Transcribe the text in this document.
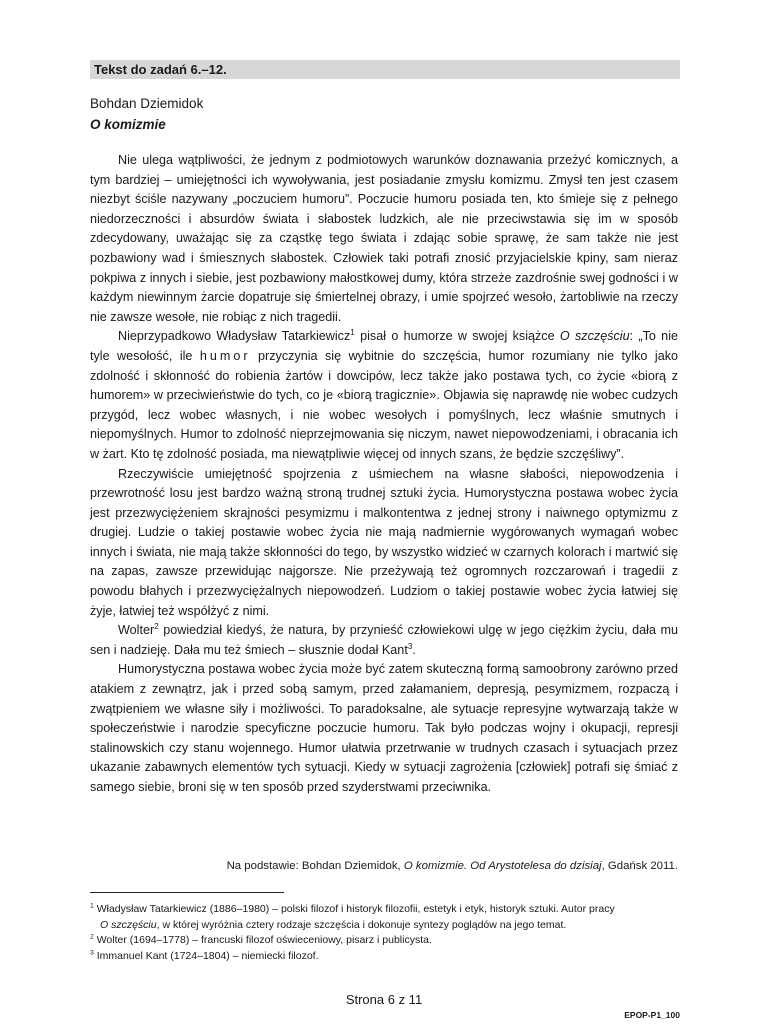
Tekst do zadań 6.–12.
Bohdan Dziemidok
O komizmie

Nie ulega wątpliwości, że jednym z podmiotowych warunków doznawania przeżyć komicznych, a tym bardziej – umiejętności ich wywoływania, jest posiadanie zmysłu komizmu. Zmysł ten jest czasem niezbyt ściśle nazywany „poczuciem humoru”. Poczucie humoru posiada ten, kto śmieje się z pełnego niedorzeczności i absurdów świata i słabostek ludzkich, ale nie przeciwstawia się im w sposób zdecydowany, uważając się za cząstkę tego świata i zdając sobie sprawę, że sam także nie jest pozbawiony wad i śmiesznych słabostek. Człowiek taki potrafi znosić przyjacielskie kpiny, sam nieraz pokpiwa z innych i siebie, jest pozbawiony małostkowej dumy, która strzeże zazdrośnie swej godności i w każdym niewinnym żarcie dopatruje się śmiertelnej obrazy, i umie spojrzeć wesoło, żartobliwie na rzeczy nie zawsze wesołe, nie robiąc z nich tragedii.

Nieprzypadkowo Władysław Tatarkiewicz$^1$ pisał o humorze w swojej książce O szczęściu: „To nie tyle wesołość, ile humor przyczynia się wybitnie do szczęścia, humor rozumiany nie tylko jako zdolność i skłonność do robienia żartów i dowcipów, lecz także jako postawa tych, co życie «biorą z humorem» w przeciwieństwie do tych, co je «biorą tragicznie». Objawia się naprawdę nie wobec cudzych przygód, lecz wobec własnych, i nie wobec wesołych i pomyślnych, lecz właśnie smutnych i niepomyślnych. Humor to zdolność nieprzejmowania się niczym, nawet niepowodzeniami, i obracania ich w żart. Kto tę zdolność posiada, ma niewątpliwie więcej od innych szans, że będzie szczęśliwy”.

Rzeczywiście umiejętność spojrzenia z uśmiechem na własne słabości, niepowodzenia i przewrotność losu jest bardzo ważną stroną trudnej sztuki życia. Humorystyczna postawa wobec życia jest przezwyciężeniem skrajności pesymizmu i malkontentwa z jednej strony i naiwnego optymizmu z drugiej. Ludzie o takiej postawie wobec życia nie mają nadmiernie wygórowanych wymagań wobec innych i świata, nie mają także skłonności do tego, by wszystko widzieć w czarnych kolorach i martwić się na zapas, zawsze przewidując najgorsze. Nie przeżywają też ogromnych rozczarowań i tragedii z powodu błahych i przezwyciężalnych niepowodzeń. Ludziom o takiej postawie wobec życia łatwiej się żyje, łatwiej też współżyć z nimi.

Wolter$^2$ powiedział kiedyś, że natura, by przynieść człowiekowi ulgę w jego ciężkim życiu, dała mu sen i nadzieję. Dała mu też śmiech – słusznie dodał Kant$^3$.

Humorystyczna postawa wobec życia może być zatem skuteczną formą samoobrony zarówno przed atakiem z zewnątrz, jak i przed sobą samym, przed załamaniem, depresją, pesymizmem, rozpaczą i zwątpieniem we własne siły i możliwości. To paradoksalne, ale sytuacje represyjne wytwarzają także w społeczeństwie i narodzie specyficzne poczucie humoru. Tak było podczas wojny i okupacji, represji stalinowskich czy stanu wojennego. Humor ułatwia przetrwanie w trudnych czasach i sytuacjach przez ukazanie zabawnych elementów tych sytuacji. Kiedy w sytuacji zagrożenia [człowiek] potrafi się śmiać z samego siebie, broni się w ten sposób przed szyderstwami przeciwnika.

Na podstawie: Bohdan Dziemidok, O komizmie. Od Arystotelesa do dzisiaj, Gdańsk 2011.
$^1$ Władysław Tatarkiewicz (1886–1980) – polski filozof i historyk filozofii, estetyk i etyk, historyk sztuki. Autor pracy
O szczęściu, w której wyróżnia cztery rodzaje szczęścia i dokonuje syntezy poglądów na jego temat.
$^2$ Wolter (1694–1778) – francuski filozof oświeceniowy, pisarz i publicysta.
$^3$ Immanuel Kant (1724–1804) – niemiecki filozof.
Strona 6 z 11
EPOP-P1_100
